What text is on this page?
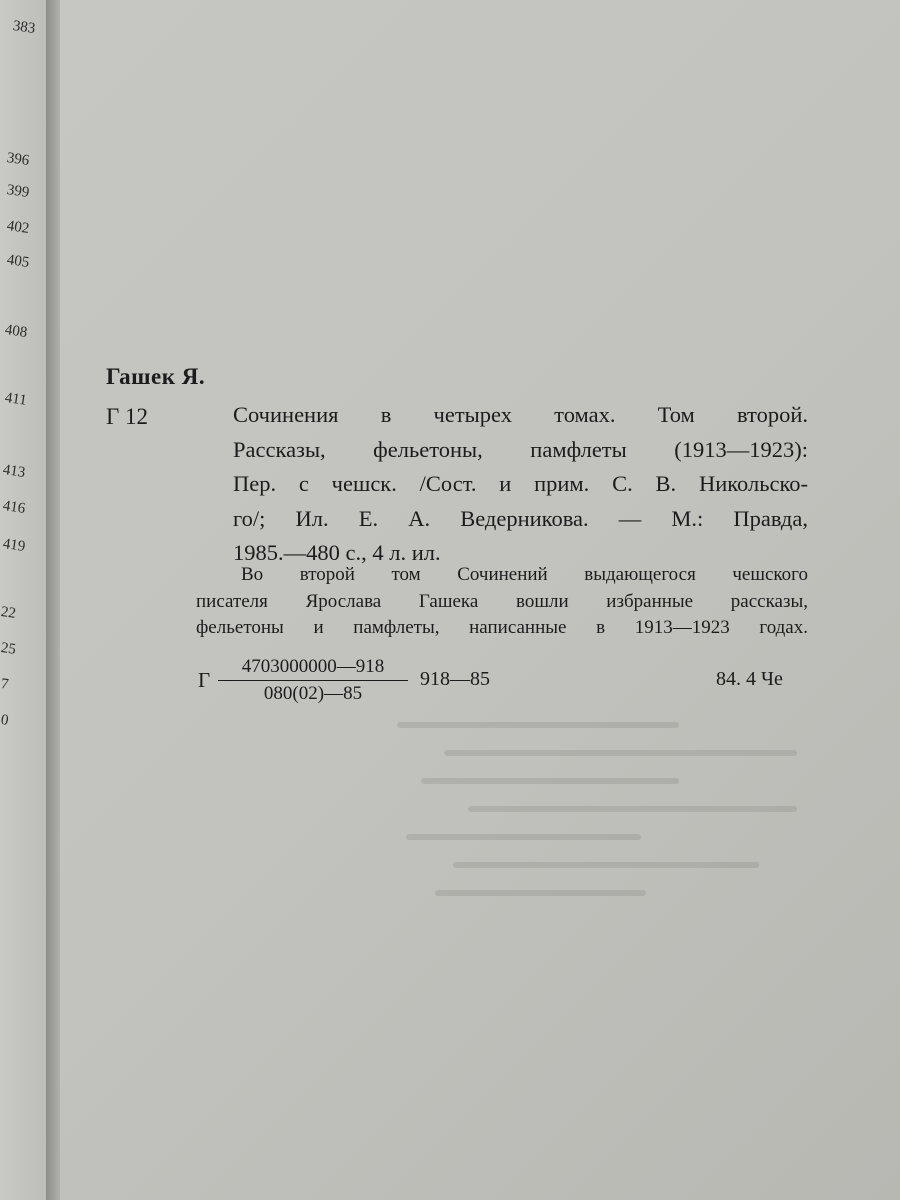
383
396
399
402
405
408
411
413
416
419
22
25
7
0
Гашек Я.
Г 12	Сочинения в четырех томах. Том второй.
Рассказы, фельетоны, памфлеты (1913—1923):
Пер. с чешск. /Сост. и прим. С. В. Никольско-
го/; Ил. Е. А. Ведерникова. — М.: Правда,
1985.—480 с., 4 л. ил.
Во второй том Сочинений выдающегося чешского
писателя Ярослава Гашека вошли избранные рассказы,
фельетоны и памфлеты, написанные в 1913—1923 годах.
Г $\frac{4703000000—918}{080(02)—85}$ 918—85	84. 4 Че
